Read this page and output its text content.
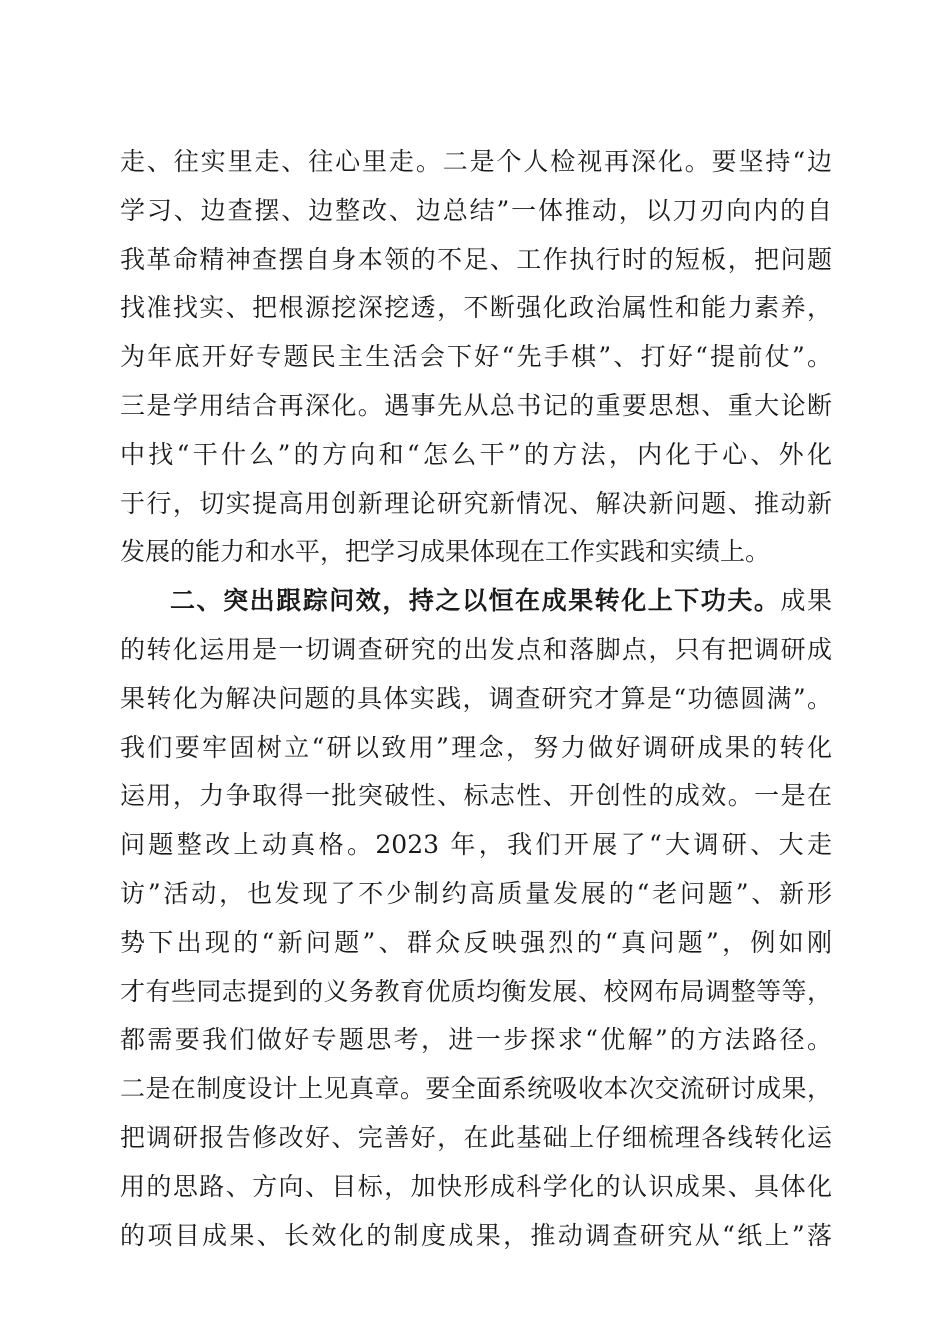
走、往实里走、往心里走。二是个人检视再深化。要坚持“边
学习、边查摆、边整改、边总结”一体推动，以刀刃向内的自
我革命精神查摆自身本领的不足、工作执行时的短板，把问题
找准找实、把根源挖深挖透，不断强化政治属性和能力素养，
为年底开好专题民主生活会下好“先手棋”、打好“提前仗”。
三是学用结合再深化。遇事先从总书记的重要思想、重大论断
中找“干什么”的方向和“怎么干”的方法，内化于心、外化
于行，切实提高用创新理论研究新情况、解决新问题、推动新
发展的能力和水平，把学习成果体现在工作实践和实绩上。
二、突出跟踪问效，持之以恒在成果转化上下功夫。成果
的转化运用是一切调查研究的出发点和落脚点，只有把调研成
果转化为解决问题的具体实践，调查研究才算是“功德圆满”。
我们要牢固树立“研以致用”理念，努力做好调研成果的转化
运用，力争取得一批突破性、标志性、开创性的成效。一是在
问题整改上动真格。2023 年，我们开展了“大调研、大走
访”活动，也发现了不少制约高质量发展的“老问题”、新形
势下出现的“新问题”、群众反映强烈的“真问题”，例如刚
才有些同志提到的义务教育优质均衡发展、校网布局调整等等，
都需要我们做好专题思考，进一步探求“优解”的方法路径。
二是在制度设计上见真章。要全面系统吸收本次交流研讨成果，
把调研报告修改好、完善好，在此基础上仔细梳理各线转化运
用的思路、方向、目标，加快形成科学化的认识成果、具体化
的项目成果、长效化的制度成果，推动调查研究从“纸上”落
